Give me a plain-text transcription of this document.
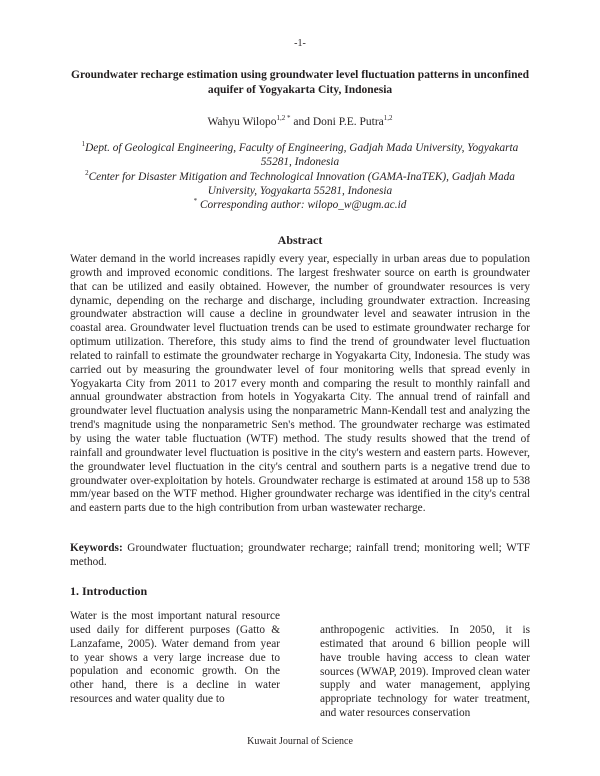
-1-
Groundwater recharge estimation using groundwater level fluctuation patterns in unconfined aquifer of Yogyakarta City, Indonesia
Wahyu Wilopo$^{1,2 *}$ and Doni P.E. Putra$^{1,2}$
$^1$Dept. of Geological Engineering, Faculty of Engineering, Gadjah Mada University, Yogyakarta 55281, Indonesia
$^2$Center for Disaster Mitigation and Technological Innovation (GAMA-InaTEK), Gadjah Mada University, Yogyakarta 55281, Indonesia
* Corresponding author: wilopo_w@ugm.ac.id
Abstract
Water demand in the world increases rapidly every year, especially in urban areas due to population growth and improved economic conditions. The largest freshwater source on earth is groundwater that can be utilized and easily obtained. However, the number of groundwater resources is very dynamic, depending on the recharge and discharge, including groundwater extraction. Increasing groundwater abstraction will cause a decline in groundwater level and seawater intrusion in the coastal area. Groundwater level fluctuation trends can be used to estimate groundwater recharge for optimum utilization. Therefore, this study aims to find the trend of groundwater level fluctuation related to rainfall to estimate the groundwater recharge in Yogyakarta City, Indonesia. The study was carried out by measuring the groundwater level of four monitoring wells that spread evenly in Yogyakarta City from 2011 to 2017 every month and comparing the result to monthly rainfall and annual groundwater abstraction from hotels in Yogyakarta City. The annual trend of rainfall and groundwater level fluctuation analysis using the nonparametric Mann-Kendall test and analyzing the trend's magnitude using the nonparametric Sen's method. The groundwater recharge was estimated by using the water table fluctuation (WTF) method. The study results showed that the trend of rainfall and groundwater level fluctuation is positive in the city's western and eastern parts. However, the groundwater level fluctuation in the city's central and southern parts is a negative trend due to groundwater over-exploitation by hotels. Groundwater recharge is estimated at around 158 up to 538 mm/year based on the WTF method. Higher groundwater recharge was identified in the city's central and eastern parts due to the high contribution from urban wastewater recharge.
Keywords: Groundwater fluctuation; groundwater recharge; rainfall trend; monitoring well; WTF method.
1. Introduction
Water is the most important natural resource used daily for different purposes (Gatto & Lanzafame, 2005). Water demand from year to year shows a very large increase due to population and economic growth. On the other hand, there is a decline in water resources and water quality due to
anthropogenic activities. In 2050, it is estimated that around 6 billion people will have trouble having access to clean water sources (WWAP, 2019). Improved clean water supply and water management, applying appropriate technology for water treatment, and water resources conservation
Kuwait Journal of Science
